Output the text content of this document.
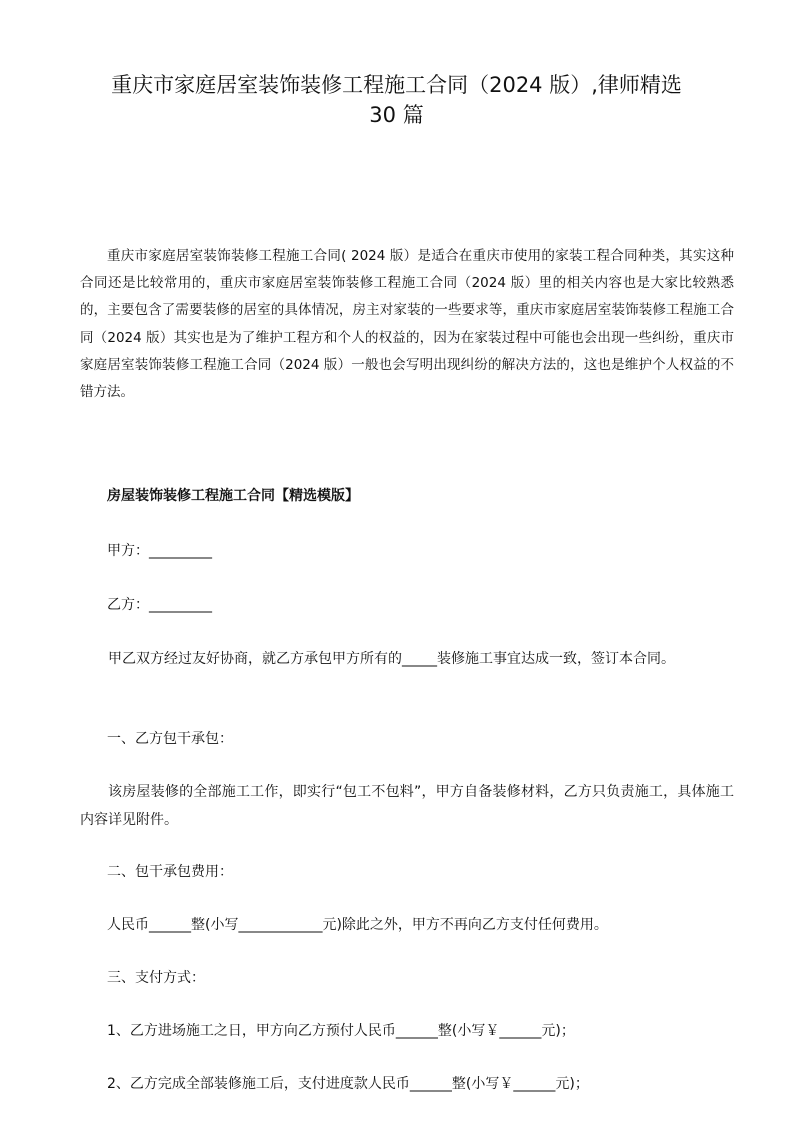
重庆市家庭居室装饰装修工程施工合同（2024 版）,律师精选
30 篇

重庆市家庭居室装饰装修工程施工合同( 2024 版）是适合在重庆市使用的家装工程合同种类，其实这种合同还是比较常用的，重庆市家庭居室装饰装修工程施工合同（2024 版）里的相关内容也是大家比较熟悉的，主要包含了需要装修的居室的具体情况，房主对家装的一些要求等，重庆市家庭居室装饰装修工程施工合同（2024 版）其实也是为了维护工程方和个人的权益的，因为在家装过程中可能也会出现一些纠纷，重庆市家庭居室装饰装修工程施工合同（2024 版）一般也会写明出现纠纷的解决方法的，这也是维护个人权益的不错方法。

房屋装饰装修工程施工合同【精选模版】

甲方：_________

乙方：_________

甲乙双方经过友好协商，就乙方承包甲方所有的_____装修施工事宜达成一致，签订本合同。

一、乙方包干承包：

该房屋装修的全部施工工作，即实行“包工不包料”，甲方自备装修材料，乙方只负责施工，具体施工内容详见附件。

二、包干承包费用：

人民币______整(小写____________元)除此之外，甲方不再向乙方支付任何费用。

三、支付方式：

1、乙方进场施工之日，甲方向乙方预付人民币______整(小写￥______元)；

2、乙方完成全部装修施工后，支付进度款人民币______整(小写￥______元)；
